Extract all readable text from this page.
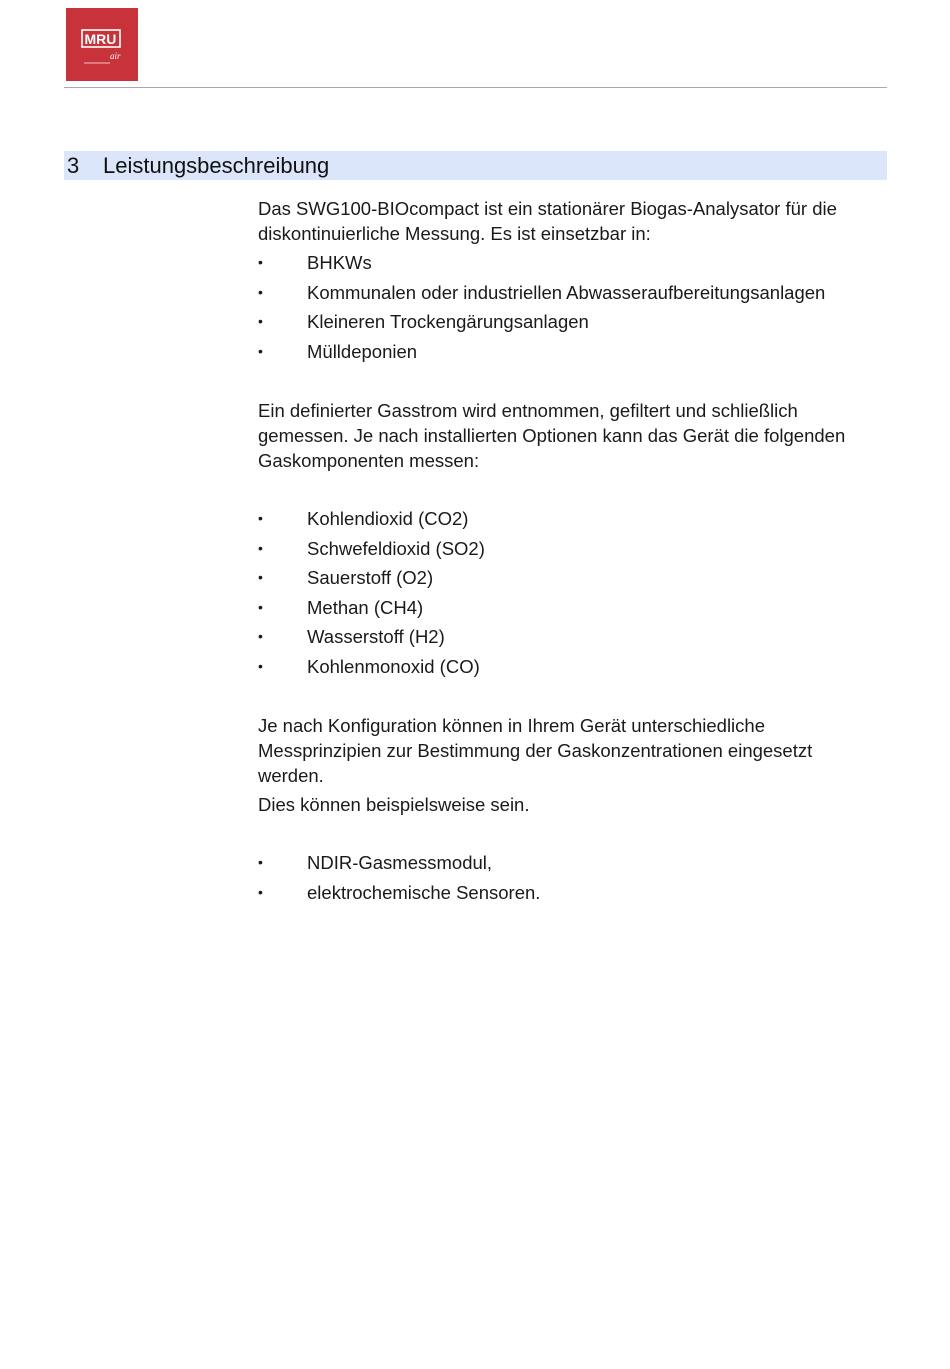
MRU
air
3 Leistungsbeschreibung

Das SWG100-BIOcompact ist ein stationärer Biogas-Analysator für die

diskontinuierliche Messung. Es ist einsetzbar in:

• BHKWs
• Kommunalen oder industriellen Abwasseraufbereitungsanlagen
• Kleineren Trockengärungsanlagen
• Mülldeponien

Ein definierter Gasstrom wird entnommen, gefiltert und schließlich

gemessen. Je nach installierten Optionen kann das Gerät die folgenden

Gaskomponenten messen:

• Kohlendioxid (CO2)
• Schwefeldioxid (SO2)
• Sauerstoff (O2)
• Methan (CH4)
• Wasserstoff (H2)
• Kohlenmonoxid (CO)

Je nach Konfiguration können in Ihrem Gerät unterschiedliche

Messprinzipien zur Bestimmung der Gaskonzentrationen eingesetzt

werden.

Dies können beispielsweise sein.

• NDIR-Gasmessmodul,
• elektrochemische Sensoren.
